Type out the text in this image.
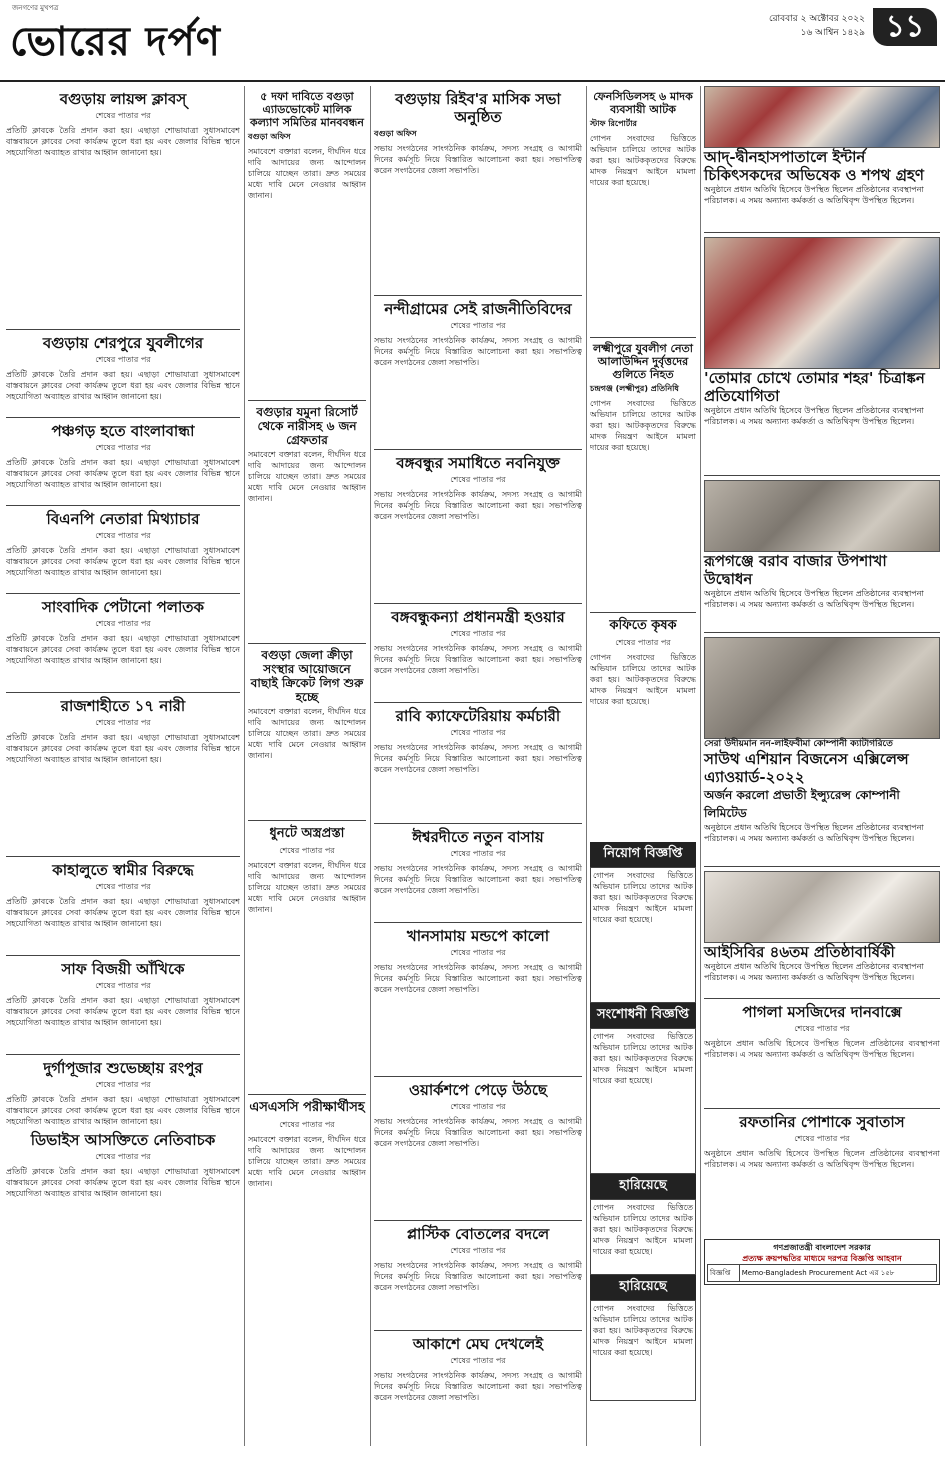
জনগণের মুখপত্র
ভোরের দর্পণ	রোববার ২ অক্টোবর ২০২২
১৬ আশ্বিন ১৪২৯ ১১
বগুড়ায় লায়ন্স ক্লাবস্
শেষের পাতার পর
প্রতিটি ক্লাবকে তৈরি প্রদান করা হয়। এছাড়া শোভাযাত্রা সুধাসমাবেশ বাস্তবায়নে ক্লাবের সেবা কার্যক্রম তুলে ধরা হয় এবং জেলার বিভিন্ন স্থানে সহযোগিতা অব্যাহত রাখার আহ্বান জানানো হয়।
বগুড়ায় শেরপুরে যুবলীগের
শেষের পাতার পর
প্রতিটি ক্লাবকে তৈরি প্রদান করা হয়। এছাড়া শোভাযাত্রা সুধাসমাবেশ বাস্তবায়নে ক্লাবের সেবা কার্যক্রম তুলে ধরা হয় এবং জেলার বিভিন্ন স্থানে সহযোগিতা অব্যাহত রাখার আহ্বান জানানো হয়।
পঞ্চগড় হতে বাংলাবান্ধা
শেষের পাতার পর
প্রতিটি ক্লাবকে তৈরি প্রদান করা হয়। এছাড়া শোভাযাত্রা সুধাসমাবেশ বাস্তবায়নে ক্লাবের সেবা কার্যক্রম তুলে ধরা হয় এবং জেলার বিভিন্ন স্থানে সহযোগিতা অব্যাহত রাখার আহ্বান জানানো হয়।
বিএনপি নেতারা মিথ্যাচার
শেষের পাতার পর
প্রতিটি ক্লাবকে তৈরি প্রদান করা হয়। এছাড়া শোভাযাত্রা সুধাসমাবেশ বাস্তবায়নে ক্লাবের সেবা কার্যক্রম তুলে ধরা হয় এবং জেলার বিভিন্ন স্থানে সহযোগিতা অব্যাহত রাখার আহ্বান জানানো হয়।
সাংবাদিক পেটানো পলাতক
শেষের পাতার পর
প্রতিটি ক্লাবকে তৈরি প্রদান করা হয়। এছাড়া শোভাযাত্রা সুধাসমাবেশ বাস্তবায়নে ক্লাবের সেবা কার্যক্রম তুলে ধরা হয় এবং জেলার বিভিন্ন স্থানে সহযোগিতা অব্যাহত রাখার আহ্বান জানানো হয়।
রাজশাহীতে ১৭ নারী
শেষের পাতার পর
প্রতিটি ক্লাবকে তৈরি প্রদান করা হয়। এছাড়া শোভাযাত্রা সুধাসমাবেশ বাস্তবায়নে ক্লাবের সেবা কার্যক্রম তুলে ধরা হয় এবং জেলার বিভিন্ন স্থানে সহযোগিতা অব্যাহত রাখার আহ্বান জানানো হয়।
কাহালুতে স্বামীর বিরুদ্ধে
শেষের পাতার পর
প্রতিটি ক্লাবকে তৈরি প্রদান করা হয়। এছাড়া শোভাযাত্রা সুধাসমাবেশ বাস্তবায়নে ক্লাবের সেবা কার্যক্রম তুলে ধরা হয় এবং জেলার বিভিন্ন স্থানে সহযোগিতা অব্যাহত রাখার আহ্বান জানানো হয়।
সাফ বিজয়ী আঁখিকে
শেষের পাতার পর
প্রতিটি ক্লাবকে তৈরি প্রদান করা হয়। এছাড়া শোভাযাত্রা সুধাসমাবেশ বাস্তবায়নে ক্লাবের সেবা কার্যক্রম তুলে ধরা হয় এবং জেলার বিভিন্ন স্থানে সহযোগিতা অব্যাহত রাখার আহ্বান জানানো হয়।
দুর্গাপূজার শুভেচ্ছায় রংপুর
শেষের পাতার পর
প্রতিটি ক্লাবকে তৈরি প্রদান করা হয়। এছাড়া শোভাযাত্রা সুধাসমাবেশ বাস্তবায়নে ক্লাবের সেবা কার্যক্রম তুলে ধরা হয় এবং জেলার বিভিন্ন স্থানে সহযোগিতা অব্যাহত রাখার আহ্বান জানানো হয়।
ডিভাইস আসক্তিতে নেতিবাচক
শেষের পাতার পর
প্রতিটি ক্লাবকে তৈরি প্রদান করা হয়। এছাড়া শোভাযাত্রা সুধাসমাবেশ বাস্তবায়নে ক্লাবের সেবা কার্যক্রম তুলে ধরা হয় এবং জেলার বিভিন্ন স্থানে সহযোগিতা অব্যাহত রাখার আহ্বান জানানো হয়।
৫ দফা দাবিতে বগুড়া এ্যাডভোকেট মালিক কল্যাণ সমিতির মানববন্ধন
বগুড়া অফিস
সমাবেশে বক্তারা বলেন, দীর্ঘদিন ধরে দাবি আদায়ের জন্য আন্দোলন চালিয়ে যাচ্ছেন তারা। দ্রুত সময়ের মধ্যে দাবি মেনে নেওয়ার আহ্বান জানান।
বগুড়ার যমুনা রিসোর্ট থেকে নারীসহ ৬ জন গ্রেফতার
সমাবেশে বক্তারা বলেন, দীর্ঘদিন ধরে দাবি আদায়ের জন্য আন্দোলন চালিয়ে যাচ্ছেন তারা। দ্রুত সময়ের মধ্যে দাবি মেনে নেওয়ার আহ্বান জানান।
বগুড়া জেলা ক্রীড়া সংস্থার আয়োজনে বাছাই ক্রিকেট লিগ শুরু হচ্ছে
সমাবেশে বক্তারা বলেন, দীর্ঘদিন ধরে দাবি আদায়ের জন্য আন্দোলন চালিয়ে যাচ্ছেন তারা। দ্রুত সময়ের মধ্যে দাবি মেনে নেওয়ার আহ্বান জানান।
ধুনটে অস্ত্রপ্রস্তা
শেষের পাতার পর
সমাবেশে বক্তারা বলেন, দীর্ঘদিন ধরে দাবি আদায়ের জন্য আন্দোলন চালিয়ে যাচ্ছেন তারা। দ্রুত সময়ের মধ্যে দাবি মেনে নেওয়ার আহ্বান জানান।
এসএসসি পরীক্ষার্থীসহ
শেষের পাতার পর
সমাবেশে বক্তারা বলেন, দীর্ঘদিন ধরে দাবি আদায়ের জন্য আন্দোলন চালিয়ে যাচ্ছেন তারা। দ্রুত সময়ের মধ্যে দাবি মেনে নেওয়ার আহ্বান জানান।
বগুড়ায় রিইব'র মাসিক সভা অনুষ্ঠিত
বগুড়া অফিস
সভায় সংগঠনের সাংগঠনিক কার্যক্রম, সদস্য সংগ্রহ ও আগামী দিনের কর্মসূচি নিয়ে বিস্তারিত আলোচনা করা হয়। সভাপতিত্ব করেন সংগঠনের জেলা সভাপতি।
নন্দীগ্রামের সেই রাজনীতিবিদের
শেষের পাতার পর
সভায় সংগঠনের সাংগঠনিক কার্যক্রম, সদস্য সংগ্রহ ও আগামী দিনের কর্মসূচি নিয়ে বিস্তারিত আলোচনা করা হয়। সভাপতিত্ব করেন সংগঠনের জেলা সভাপতি।
বঙ্গবন্ধুর সমাধিতে নবনিযুক্ত
শেষের পাতার পর
সভায় সংগঠনের সাংগঠনিক কার্যক্রম, সদস্য সংগ্রহ ও আগামী দিনের কর্মসূচি নিয়ে বিস্তারিত আলোচনা করা হয়। সভাপতিত্ব করেন সংগঠনের জেলা সভাপতি।
বঙ্গবন্ধুকন্যা প্রধানমন্ত্রী হওয়ার
শেষের পাতার পর
সভায় সংগঠনের সাংগঠনিক কার্যক্রম, সদস্য সংগ্রহ ও আগামী দিনের কর্মসূচি নিয়ে বিস্তারিত আলোচনা করা হয়। সভাপতিত্ব করেন সংগঠনের জেলা সভাপতি।
রাবি ক্যাফেটেরিয়ায় কর্মচারী
শেষের পাতার পর
সভায় সংগঠনের সাংগঠনিক কার্যক্রম, সদস্য সংগ্রহ ও আগামী দিনের কর্মসূচি নিয়ে বিস্তারিত আলোচনা করা হয়। সভাপতিত্ব করেন সংগঠনের জেলা সভাপতি।
ঈশ্বরদীতে নতুন বাসায়
শেষের পাতার পর
সভায় সংগঠনের সাংগঠনিক কার্যক্রম, সদস্য সংগ্রহ ও আগামী দিনের কর্মসূচি নিয়ে বিস্তারিত আলোচনা করা হয়। সভাপতিত্ব করেন সংগঠনের জেলা সভাপতি।
খানসামায় মন্ডপে কালো
শেষের পাতার পর
সভায় সংগঠনের সাংগঠনিক কার্যক্রম, সদস্য সংগ্রহ ও আগামী দিনের কর্মসূচি নিয়ে বিস্তারিত আলোচনা করা হয়। সভাপতিত্ব করেন সংগঠনের জেলা সভাপতি।
ওয়ার্কশপে পেড়ে উঠছে
শেষের পাতার পর
সভায় সংগঠনের সাংগঠনিক কার্যক্রম, সদস্য সংগ্রহ ও আগামী দিনের কর্মসূচি নিয়ে বিস্তারিত আলোচনা করা হয়। সভাপতিত্ব করেন সংগঠনের জেলা সভাপতি।
প্লাস্টিক বোতলের বদলে
শেষের পাতার পর
সভায় সংগঠনের সাংগঠনিক কার্যক্রম, সদস্য সংগ্রহ ও আগামী দিনের কর্মসূচি নিয়ে বিস্তারিত আলোচনা করা হয়। সভাপতিত্ব করেন সংগঠনের জেলা সভাপতি।
আকাশে মেঘ দেখলেই
শেষের পাতার পর
সভায় সংগঠনের সাংগঠনিক কার্যক্রম, সদস্য সংগ্রহ ও আগামী দিনের কর্মসূচি নিয়ে বিস্তারিত আলোচনা করা হয়। সভাপতিত্ব করেন সংগঠনের জেলা সভাপতি।
ফেনসিডিলসহ ৬ মাদক ব্যবসায়ী আটক
স্টাফ রিপোর্টার
গোপন সংবাদের ভিত্তিতে অভিযান চালিয়ে তাদের আটক করা হয়। আটককৃতদের বিরুদ্ধে মাদক নিয়ন্ত্রণ আইনে মামলা দায়ের করা হয়েছে।
লক্ষ্মীপুরে যুবলীগ নেতা আলাউদ্দিন দুর্বৃত্তদের গুলিতে নিহত
চন্দ্রগঞ্জ (লক্ষ্মীপুর) প্রতিনিধি
গোপন সংবাদের ভিত্তিতে অভিযান চালিয়ে তাদের আটক করা হয়। আটককৃতদের বিরুদ্ধে মাদক নিয়ন্ত্রণ আইনে মামলা দায়ের করা হয়েছে।
কফিতে কৃষক
শেষের পাতার পর
গোপন সংবাদের ভিত্তিতে অভিযান চালিয়ে তাদের আটক করা হয়। আটককৃতদের বিরুদ্ধে মাদক নিয়ন্ত্রণ আইনে মামলা দায়ের করা হয়েছে।
নিয়োগ বিজ্ঞপ্তি
গোপন সংবাদের ভিত্তিতে অভিযান চালিয়ে তাদের আটক করা হয়। আটককৃতদের বিরুদ্ধে মাদক নিয়ন্ত্রণ আইনে মামলা দায়ের করা হয়েছে।
সংশোধনী বিজ্ঞপ্তি
গোপন সংবাদের ভিত্তিতে অভিযান চালিয়ে তাদের আটক করা হয়। আটককৃতদের বিরুদ্ধে মাদক নিয়ন্ত্রণ আইনে মামলা দায়ের করা হয়েছে।
হারিয়েছে
গোপন সংবাদের ভিত্তিতে অভিযান চালিয়ে তাদের আটক করা হয়। আটককৃতদের বিরুদ্ধে মাদক নিয়ন্ত্রণ আইনে মামলা দায়ের করা হয়েছে।
হারিয়েছে
গোপন সংবাদের ভিত্তিতে অভিযান চালিয়ে তাদের আটক করা হয়। আটককৃতদের বিরুদ্ধে মাদক নিয়ন্ত্রণ আইনে মামলা দায়ের করা হয়েছে।
আদ্-দ্বীনহাসপাতালে ইন্টার্ন চিকিৎসকদের অভিষেক ও শপথ গ্রহণ
অনুষ্ঠানে প্রধান অতিথি হিসেবে উপস্থিত ছিলেন প্রতিষ্ঠানের ব্যবস্থাপনা পরিচালক। এ সময় অন্যান্য কর্মকর্তা ও অতিথিবৃন্দ উপস্থিত ছিলেন।
'তোমার চোখে তোমার শহর' চিত্রাঙ্কন প্রতিযোগিতা
অনুষ্ঠানে প্রধান অতিথি হিসেবে উপস্থিত ছিলেন প্রতিষ্ঠানের ব্যবস্থাপনা পরিচালক। এ সময় অন্যান্য কর্মকর্তা ও অতিথিবৃন্দ উপস্থিত ছিলেন।
রূপগঞ্জে বরাব বাজার উপশাখা উদ্বোধন
অনুষ্ঠানে প্রধান অতিথি হিসেবে উপস্থিত ছিলেন প্রতিষ্ঠানের ব্যবস্থাপনা পরিচালক। এ সময় অন্যান্য কর্মকর্তা ও অতিথিবৃন্দ উপস্থিত ছিলেন।
সেরা উদীয়মান নন-লাইফবীমা কোম্পানী ক্যাটাগরিতে
সাউথ এশিয়ান বিজনেস এক্সিলেন্স এ্যাওয়ার্ড-২০২২
অর্জন করলো প্রভাতী ইন্স্যুরেন্স কোম্পানী লিমিটেড
অনুষ্ঠানে প্রধান অতিথি হিসেবে উপস্থিত ছিলেন প্রতিষ্ঠানের ব্যবস্থাপনা পরিচালক। এ সময় অন্যান্য কর্মকর্তা ও অতিথিবৃন্দ উপস্থিত ছিলেন।
আইসিবির ৪৬তম প্রতিষ্ঠাবার্ষিকী
অনুষ্ঠানে প্রধান অতিথি হিসেবে উপস্থিত ছিলেন প্রতিষ্ঠানের ব্যবস্থাপনা পরিচালক। এ সময় অন্যান্য কর্মকর্তা ও অতিথিবৃন্দ উপস্থিত ছিলেন।
পাগলা মসজিদের দানবাক্সে
শেষের পাতার পর
অনুষ্ঠানে প্রধান অতিথি হিসেবে উপস্থিত ছিলেন প্রতিষ্ঠানের ব্যবস্থাপনা পরিচালক। এ সময় অন্যান্য কর্মকর্তা ও অতিথিবৃন্দ উপস্থিত ছিলেন।
রফতানির পোশাকে সুবাতাস
শেষের পাতার পর
অনুষ্ঠানে প্রধান অতিথি হিসেবে উপস্থিত ছিলেন প্রতিষ্ঠানের ব্যবস্থাপনা পরিচালক। এ সময় অন্যান্য কর্মকর্তা ও অতিথিবৃন্দ উপস্থিত ছিলেন।
গণপ্রজাতন্ত্রী বাংলাদেশ সরকার
প্রত্যক্ষ ক্রয়পদ্ধতির মাধ্যমে দরপত্র বিজ্ঞপ্তি আহবান
বিজ্ঞপ্তি	Memo-Bangladesh Procurement Act এর ১৫৮
